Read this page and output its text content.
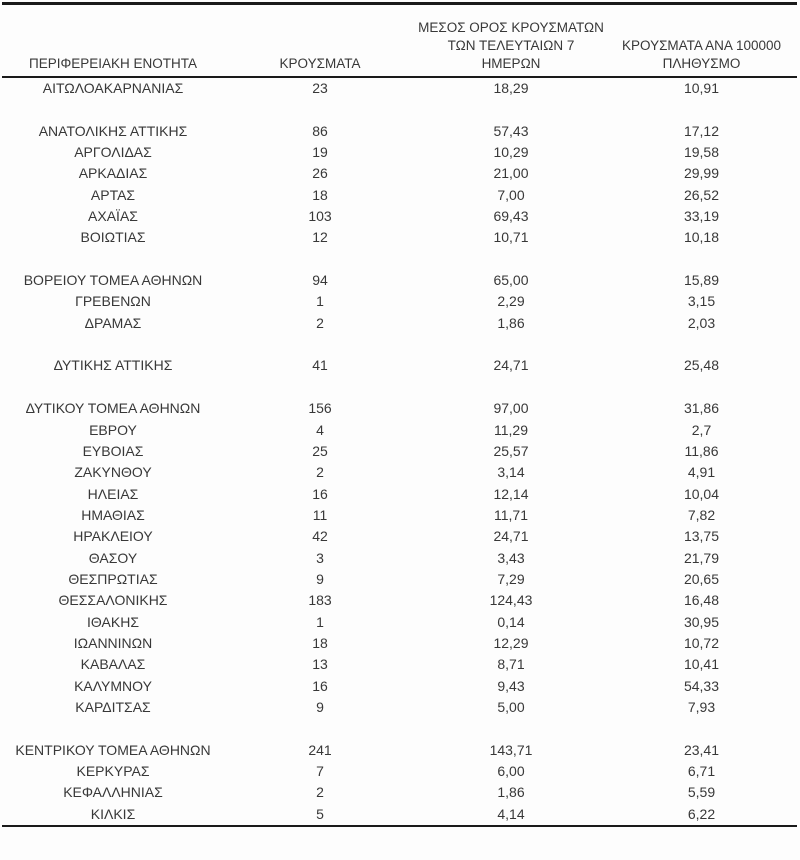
ΠΕΡΙΦΕΡΕΙΑΚΗ ΕΝΟΤΗΤΑ	ΚΡΟΥΣΜΑΤΑ	ΜΕΣΟΣ ΟΡΟΣ ΚΡΟΥΣΜΑΤΩΝ
ΤΩΝ ΤΕΛΕΥΤΑΙΩΝ 7
ΗΜΕΡΩΝ	ΚΡΟΥΣΜΑΤΑ ΑΝΑ 100000
ΠΛΗΘΥΣΜΟ

ΑΙΤΩΛΟΑΚΑΡΝΑΝΙΑΣ	23	18,29	10,91

ΑΝΑΤΟΛΙΚΗΣ ΑΤΤΙΚΗΣ	86	57,43	17,12
ΑΡΓΟΛΙΔΑΣ	19	10,29	19,58
ΑΡΚΑΔΙΑΣ	26	21,00	29,99
ΑΡΤΑΣ	18	7,00	26,52
ΑΧΑΪΑΣ	103	69,43	33,19
ΒΟΙΩΤΙΑΣ	12	10,71	10,18

ΒΟΡΕΙΟΥ ΤΟΜΕΑ ΑΘΗΝΩΝ	94	65,00	15,89
ΓΡΕΒΕΝΩΝ	1	2,29	3,15
ΔΡΑΜΑΣ	2	1,86	2,03

ΔΥΤΙΚΗΣ ΑΤΤΙΚΗΣ	41	24,71	25,48

ΔΥΤΙΚΟΥ ΤΟΜΕΑ ΑΘΗΝΩΝ	156	97,00	31,86
ΕΒΡΟΥ	4	11,29	2,7
ΕΥΒΟΙΑΣ	25	25,57	11,86
ΖΑΚΥΝΘΟΥ	2	3,14	4,91
ΗΛΕΙΑΣ	16	12,14	10,04
ΗΜΑΘΙΑΣ	11	11,71	7,82
ΗΡΑΚΛΕΙΟΥ	42	24,71	13,75
ΘΑΣΟΥ	3	3,43	21,79
ΘΕΣΠΡΩΤΙΑΣ	9	7,29	20,65
ΘΕΣΣΑΛΟΝΙΚΗΣ	183	124,43	16,48
ΙΘΑΚΗΣ	1	0,14	30,95
ΙΩΑΝΝΙΝΩΝ	18	12,29	10,72
ΚΑΒΑΛΑΣ	13	8,71	10,41
ΚΑΛΥΜΝΟΥ	16	9,43	54,33
ΚΑΡΔΙΤΣΑΣ	9	5,00	7,93

ΚΕΝΤΡΙΚΟΥ ΤΟΜΕΑ ΑΘΗΝΩΝ	241	143,71	23,41
ΚΕΡΚΥΡΑΣ	7	6,00	6,71
ΚΕΦΑΛΛΗΝΙΑΣ	2	1,86	5,59
ΚΙΛΚΙΣ	5	4,14	6,22
